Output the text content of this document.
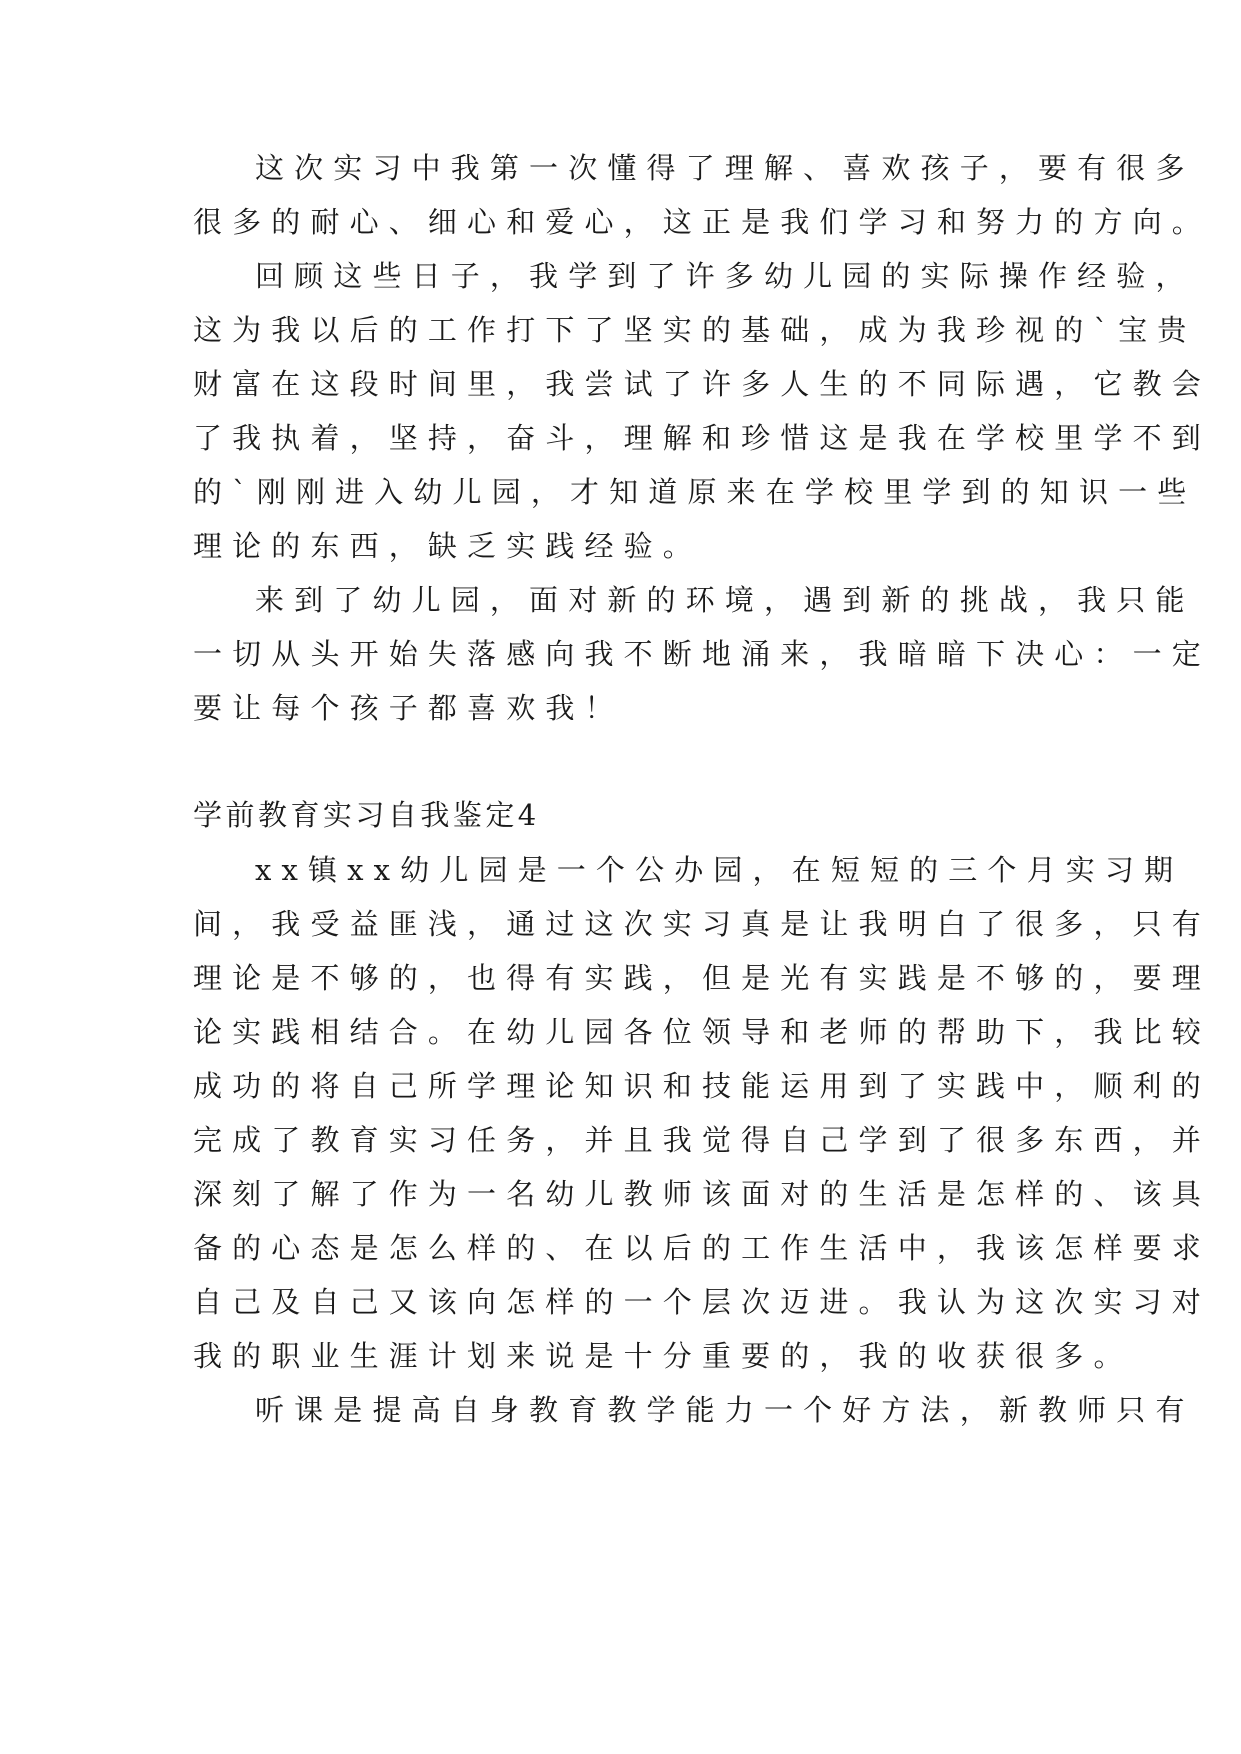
这次实习中我第一次懂得了理解、喜欢孩子，要有很多
很多的耐心、细心和爱心，这正是我们学习和努力的方向。
回顾这些日子，我学到了许多幼儿园的实际操作经验，
这为我以后的工作打下了坚实的基础，成为我珍视的`宝贵
财富在这段时间里，我尝试了许多人生的不同际遇，它教会
了我执着，坚持，奋斗，理解和珍惜这是我在学校里学不到
的`刚刚进入幼儿园，才知道原来在学校里学到的知识一些
理论的东西，缺乏实践经验。
来到了幼儿园，面对新的环境，遇到新的挑战，我只能
一切从头开始失落感向我不断地涌来，我暗暗下决心：一定
要让每个孩子都喜欢我！
学前教育实习自我鉴定4
xx镇xx幼儿园是一个公办园，在短短的三个月实习期
间，我受益匪浅，通过这次实习真是让我明白了很多，只有
理论是不够的，也得有实践，但是光有实践是不够的，要理
论实践相结合。在幼儿园各位领导和老师的帮助下，我比较
成功的将自己所学理论知识和技能运用到了实践中，顺利的
完成了教育实习任务，并且我觉得自己学到了很多东西，并
深刻了解了作为一名幼儿教师该面对的生活是怎样的、该具
备的心态是怎么样的、在以后的工作生活中，我该怎样要求
自己及自己又该向怎样的一个层次迈进。我认为这次实习对
我的职业生涯计划来说是十分重要的，我的收获很多。
听课是提高自身教育教学能力一个好方法，新教师只有
